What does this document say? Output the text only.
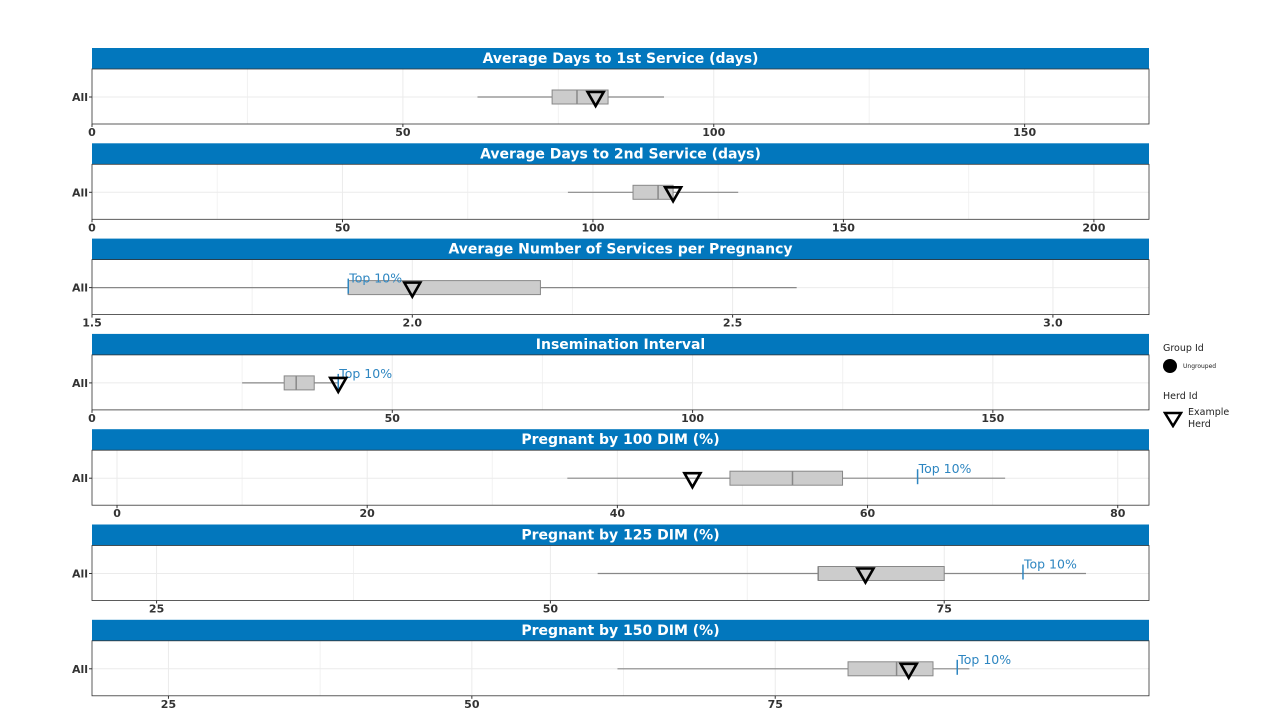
Average Days to 1st Service (days)
All
0	50	100	150
Average Days to 2nd Service (days)
All
0	50	100	150	200
Average Number of Services per Pregnancy
Top 10%
All
1.5	2.0	2.5	3.0
Insemination Interval
Top 10%
All
0	50	100	150
Pregnant by 100 DIM (%)
Top 10%
All
0	20	40	60	80
Pregnant by 125 DIM (%)
Top 10%
All
25	50	75
Pregnant by 150 DIM (%)
Top 10%
All
25	50	75
Group Id
Ungrouped
Herd Id
Example Herd
